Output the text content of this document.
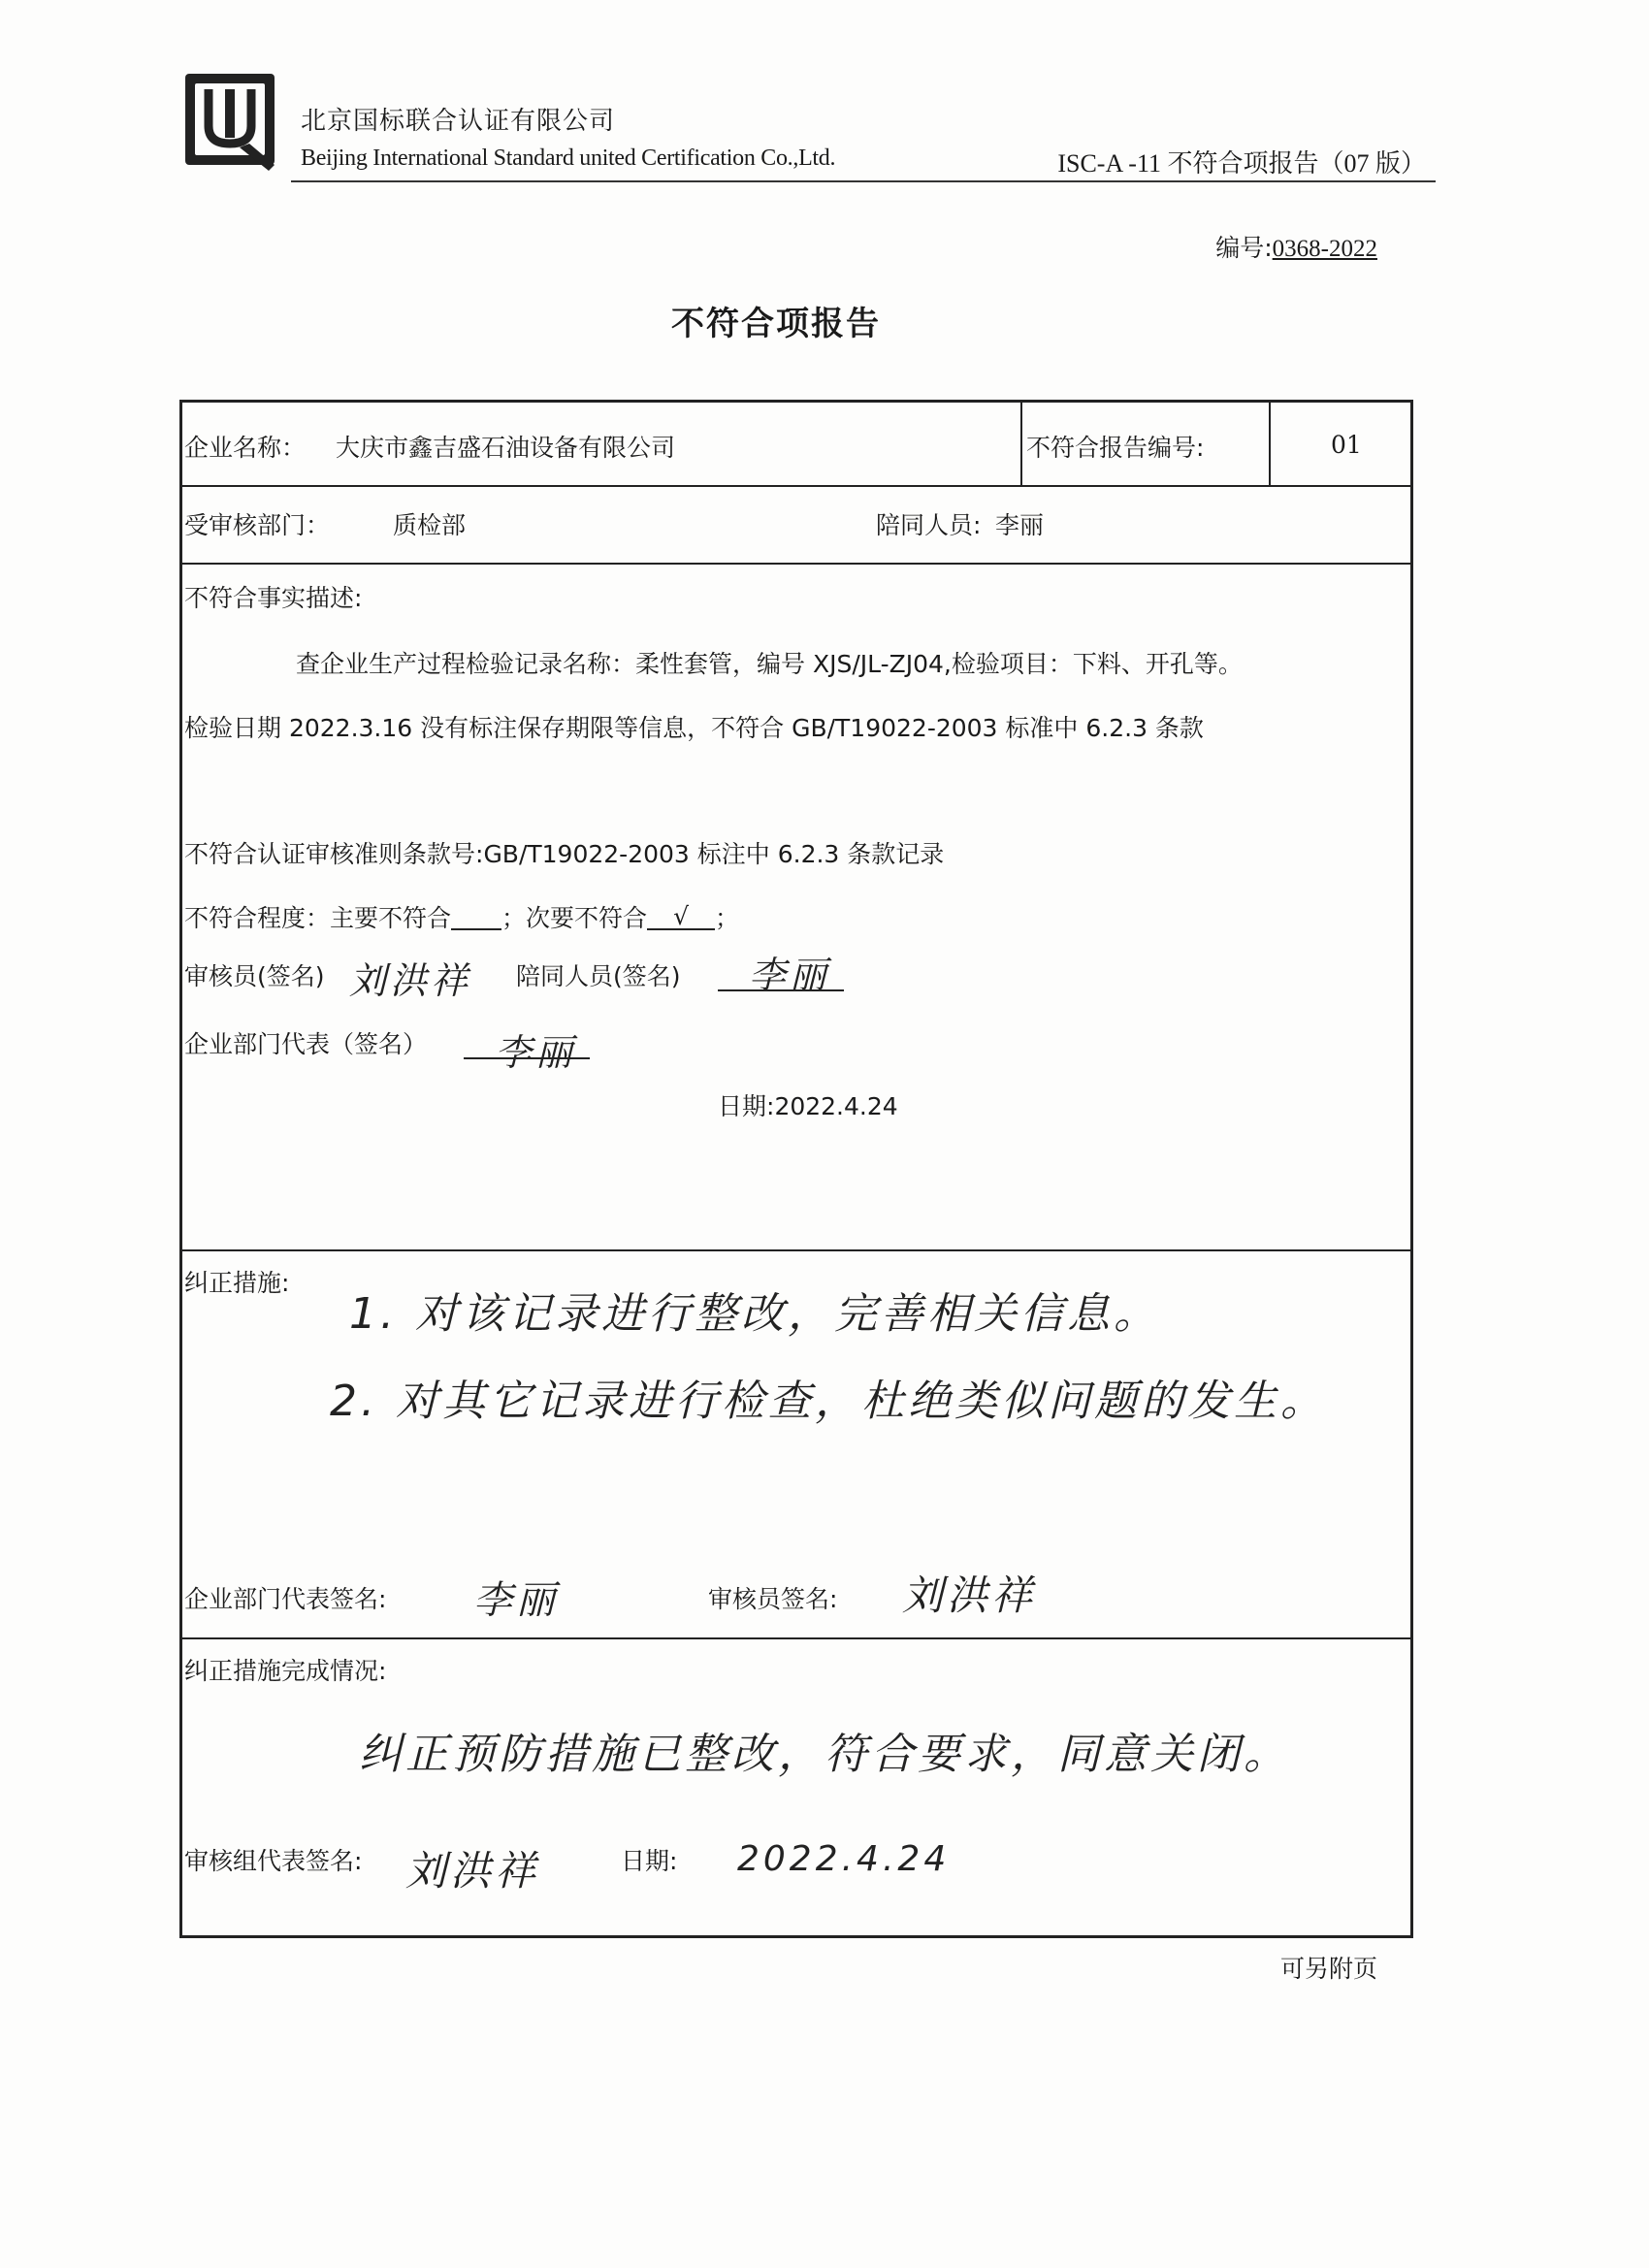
北京国标联合认证有限公司
Beijing International Standard united Certification Co.,Ltd.	ISC-A -11 不符合项报告（07 版）
编号:0368-2022
不符合项报告
企业名称： 大庆市鑫吉盛石油设备有限公司	不符合报告编号:	01
受审核部门：	质检部	陪同人员: 李丽
不符合事实描述:
查企业生产过程检验记录名称：柔性套管，编号 XJS/JL-ZJ04,检验项目：下料、开孔等。
检验日期 2022.3.16 没有标注保存期限等信息，不符合 GB/T19022-2003 标准中 6.2.3 条款
不符合认证审核准则条款号:GB/T19022-2003 标注中 6.2.3 条款记录
不符合程度：主要不符合 ；次要不符合 √ ；
审核员(签名) 刘洪祥 陪同人员(签名) 李丽
企业部门代表（签名） 李丽
日期:2022.4.24
纠正措施:
1. 对该记录进行整改，完善相关信息。
2. 对其它记录进行检查，杜绝类似问题的发生。
企业部门代表签名: 李丽	审核员签名: 刘洪祥
纠正措施完成情况:
纠正预防措施已整改，符合要求，同意关闭。
审核组代表签名: 刘洪祥	日期: 2022.4.24
可另附页
